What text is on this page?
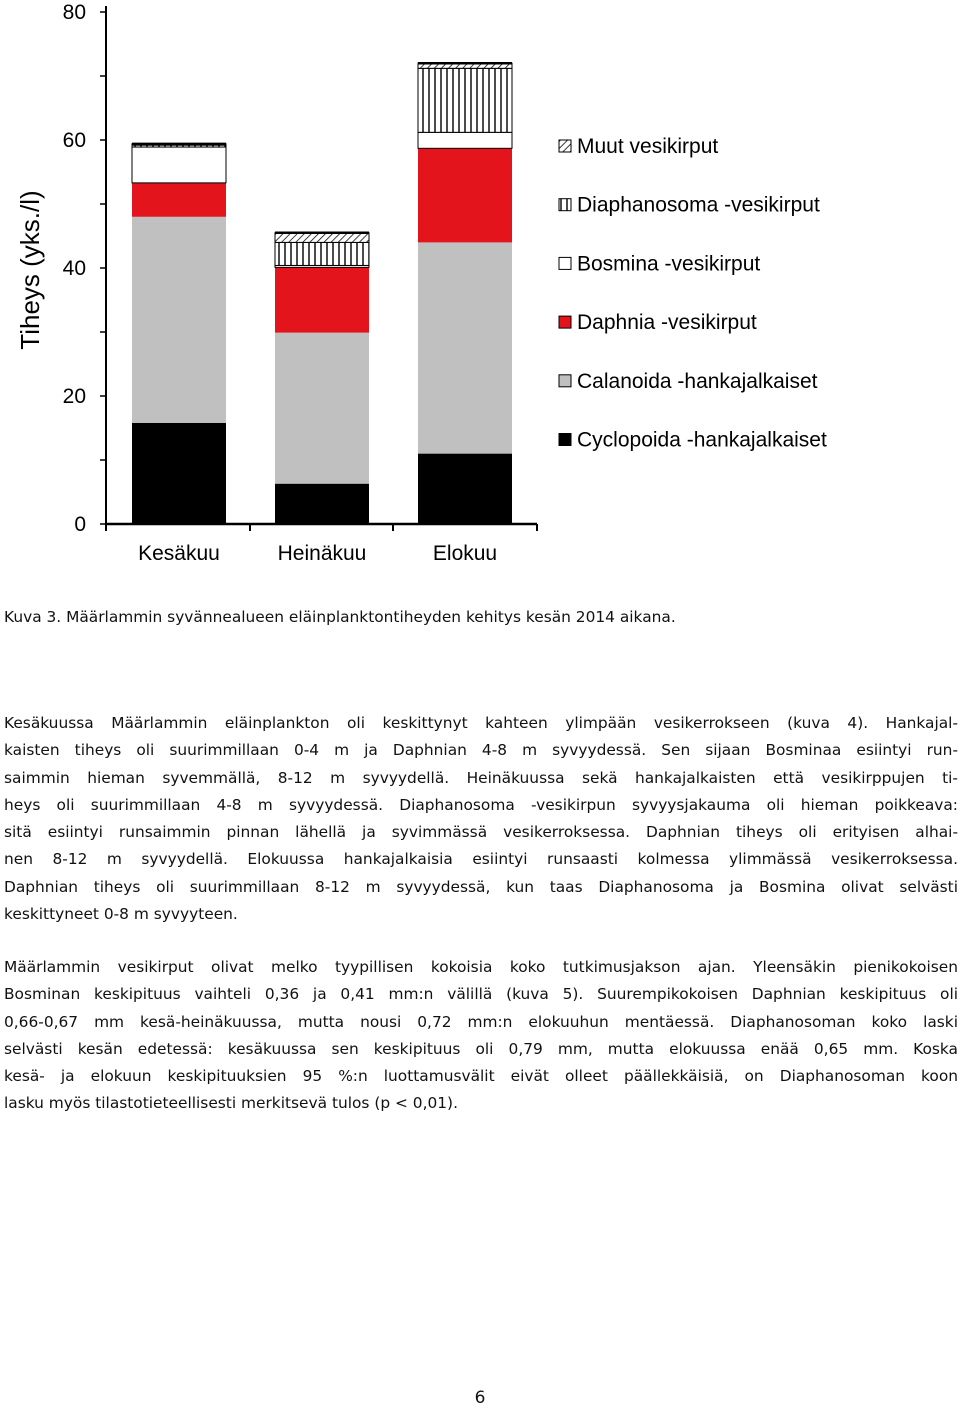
Kesäkuu	Heinäkuu	Elokuu
0
20
40
60
80
Tiheys (yks./l)
Muut vesikirput
Diaphanosoma -vesikirput
Bosmina -vesikirput
Daphnia -vesikirput
Calanoida -hankajalkaiset
Cyclopoida -hankajalkaiset
Kuva 3. Määrlammin syvännealueen eläinplanktontiheyden kehitys kesän 2014 aikana.
Kesäkuussa Määrlammin eläinplankton oli keskittynyt kahteen ylimpään vesikerrokseen (kuva 4). Hankajal-
kaisten tiheys oli suurimmillaan 0-4 m ja Daphnian 4-8 m syvyydessä. Sen sijaan Bosminaa esiintyi run-
saimmin hieman syvemmällä, 8-12 m syvyydellä. Heinäkuussa sekä hankajalkaisten että vesikirppujen ti-
heys oli suurimmillaan 4-8 m syvyydessä. Diaphanosoma -vesikirpun syvyysjakauma oli hieman poikkeava:
sitä esiintyi runsaimmin pinnan lähellä ja syvimmässä vesikerroksessa. Daphnian tiheys oli erityisen alhai-
nen 8-12 m syvyydellä. Elokuussa hankajalkaisia esiintyi runsaasti kolmessa ylimmässä vesikerroksessa.
Daphnian tiheys oli suurimmillaan 8-12 m syvyydessä, kun taas Diaphanosoma ja Bosmina olivat selvästi
keskittyneet 0-8 m syvyyteen.
Määrlammin vesikirput olivat melko tyypillisen kokoisia koko tutkimusjakson ajan. Yleensäkin pienikokoisen
Bosminan keskipituus vaihteli 0,36 ja 0,41 mm:n välillä (kuva 5). Suurempikokoisen Daphnian keskipituus oli
0,66-0,67 mm kesä-heinäkuussa, mutta nousi 0,72 mm:n elokuuhun mentäessä. Diaphanosoman koko laski
selvästi kesän edetessä: kesäkuussa sen keskipituus oli 0,79 mm, mutta elokuussa enää 0,65 mm. Koska
kesä- ja elokuun keskipituuksien 95 %:n luottamusvälit eivät olleet päällekkäisiä, on Diaphanosoman koon
lasku myös tilastotieteellisesti merkitsevä tulos (p < 0,01).
6
